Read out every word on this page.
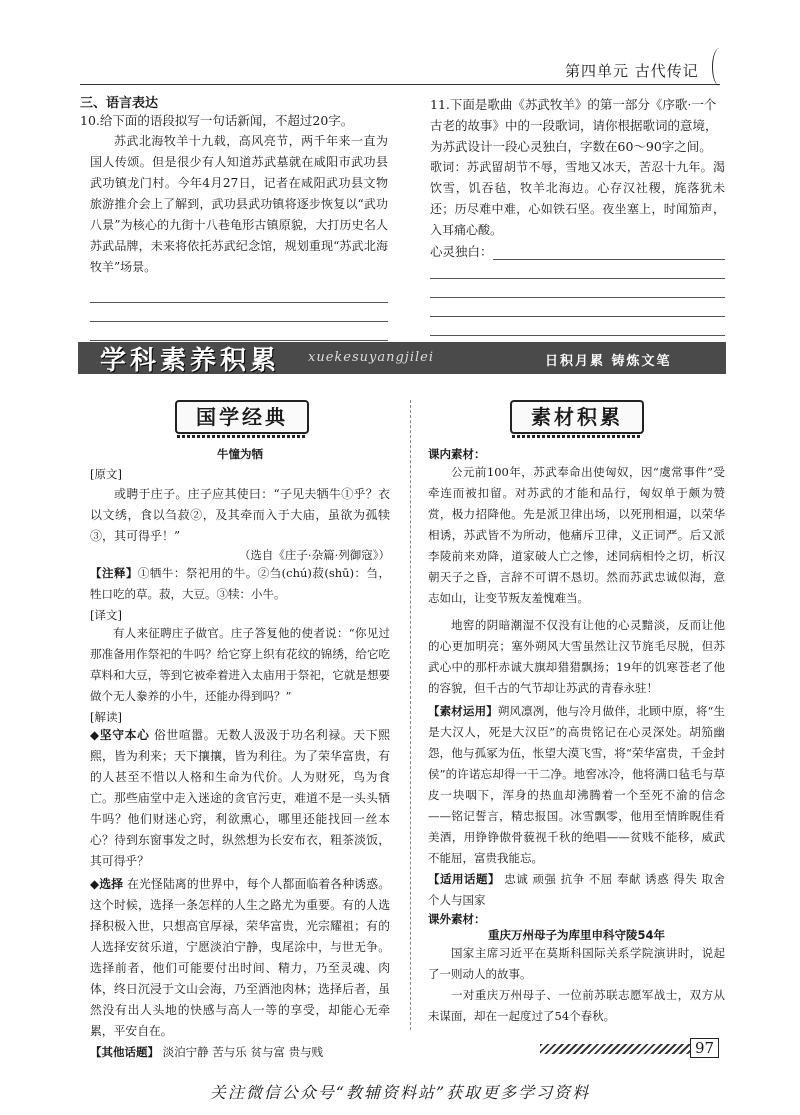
第四单元 古代传记
三、语言表达

10.给下面的语段拟写一句话新闻，不超过20字。

苏武北海牧羊十九载，高风亮节，两千年来一直为国人传颂。但是很少有人知道苏武墓就在咸阳市武功县武功镇龙门村。今年4月27日，记者在咸阳武功县文物旅游推介会上了解到，武功县武功镇将逐步恢复以“武功八景”为核心的九街十八巷龟形古镇原貌，大打历史名人苏武品牌，未来将依托苏武纪念馆，规划重现“苏武北海牧羊”场景。

11.下面是歌曲《苏武牧羊》的第一部分《序歌·一个古老的故事》中的一段歌词，请你根据歌词的意境，为苏武设计一段心灵独白，字数在60～90字之间。

歌词：苏武留胡节不辱，雪地又冰天，苦忍十九年。渴饮雪，饥吞毡，牧羊北海边。心存汉社稷，旄落犹未还；历尽难中难，心如铁石坚。夜坐塞上，时闻笳声，入耳痛心酸。

心灵独白：
学科素养积累 xuekesuyangjilei	日积月累 铸炼文笔
国学经典	素材积累

牛憧为牺

[原文]

或聘于庄子。庄子应其使曰：“子见夫牺牛①乎？衣以文绣，食以刍菽②，及其牵而入于大庙，虽欲为孤犊③，其可得乎！”

（选自《庄子·杂篇·列御寇》）

【注释】①牺牛：祭祀用的牛。②刍(chú)菽(shū)：刍，牲口吃的草。菽，大豆。③犊：小牛。

[译文]

有人来征聘庄子做官。庄子答复他的使者说：“你见过那准备用作祭祀的牛吗？给它穿上织有花纹的锦绣，给它吃草料和大豆，等到它被牵着进入太庙用于祭祀，它就是想要做个无人豢养的小牛，还能办得到吗？”

[解读]

◆坚守本心 俗世喧嚣。无数人汲汲于功名利禄。天下熙熙，皆为利来；天下攘攘，皆为利往。为了荣华富贵，有的人甚至不惜以人格和生命为代价。人为财死，鸟为食亡。那些庙堂中走入迷途的贪官污吏，难道不是一头头牺牛吗？他们财迷心窍，利欲熏心，哪里还能找回一丝本心？待到东窗事发之时，纵然想为长安布衣，粗茶淡饭，其可得乎？

◆选择 在光怪陆离的世界中，每个人都面临着各种诱惑。这个时候，选择一条怎样的人生之路尤为重要。有的人选择积极入世，只想高官厚禄，荣华富贵，光宗耀祖；有的人选择安贫乐道，宁愿淡泊宁静，曳尾涂中，与世无争。选择前者，他们可能要付出时间、精力，乃至灵魂、肉体，终日沉浸于文山会海，乃至酒池肉林；选择后者，虽然没有出人头地的快感与高人一等的享受，却能心无牵累，平安自在。

【其他话题】 淡泊宁静 苦与乐 贫与富 贵与贱

课内素材：

公元前100年，苏武奉命出使匈奴，因“虞常事件”受牵连而被扣留。对苏武的才能和品行，匈奴单于颇为赞赏，极力招降他。先是派卫律出场，以死刑相逼，以荣华相诱，苏武皆不为所动，他痛斥卫律，义正词严。后又派李陵前来劝降，道家破人亡之惨，述同病相怜之切，析汉朝天子之昏，言辞不可谓不恳切。然而苏武忠诚似海，意志如山，让变节叛友羞愧难当。

地窖的阴暗潮湿不仅没有让他的心灵黯淡，反而让他的心更加明亮；塞外朔风大雪虽然让汉节旄毛尽脱，但苏武心中的那杆赤诚大旗却猎猎飘扬；19年的饥寒苍老了他的容貌，但千古的气节却让苏武的青春永驻！

【素材运用】朔风凛冽，他与冷月做伴，北顾中原，将“生是大汉人，死是大汉臣”的高贵铭记在心灵深处。胡笳幽怨，他与孤冢为伍，怅望大漠飞雪，将“荣华富贵，千金封侯”的许诺忘却得一干二净。地窖冰冷，他将满口毡毛与草皮一块咽下，浑身的热血却沸腾着一个至死不渝的信念——铭记誓言，精忠报国。冰雪飘零，他用至情眸睨佳肴美酒，用铮铮傲骨藐视千秋的绝唱——贫贱不能移，威武不能屈，富贵我能忘。

【适用话题】 忠诚 顽强 抗争 不屈 奉献 诱惑 得失 取舍 个人与国家

课外素材：

重庆万州母子为库里申科守陵54年

国家主席习近平在莫斯科国际关系学院演讲时，说起了一则动人的故事。

一对重庆万州母子、一位前苏联志愿军战士，双方从未谋面，却在一起度过了54个春秋。

97
关注微信公众号“教辅资料站”获取更多学习资料
